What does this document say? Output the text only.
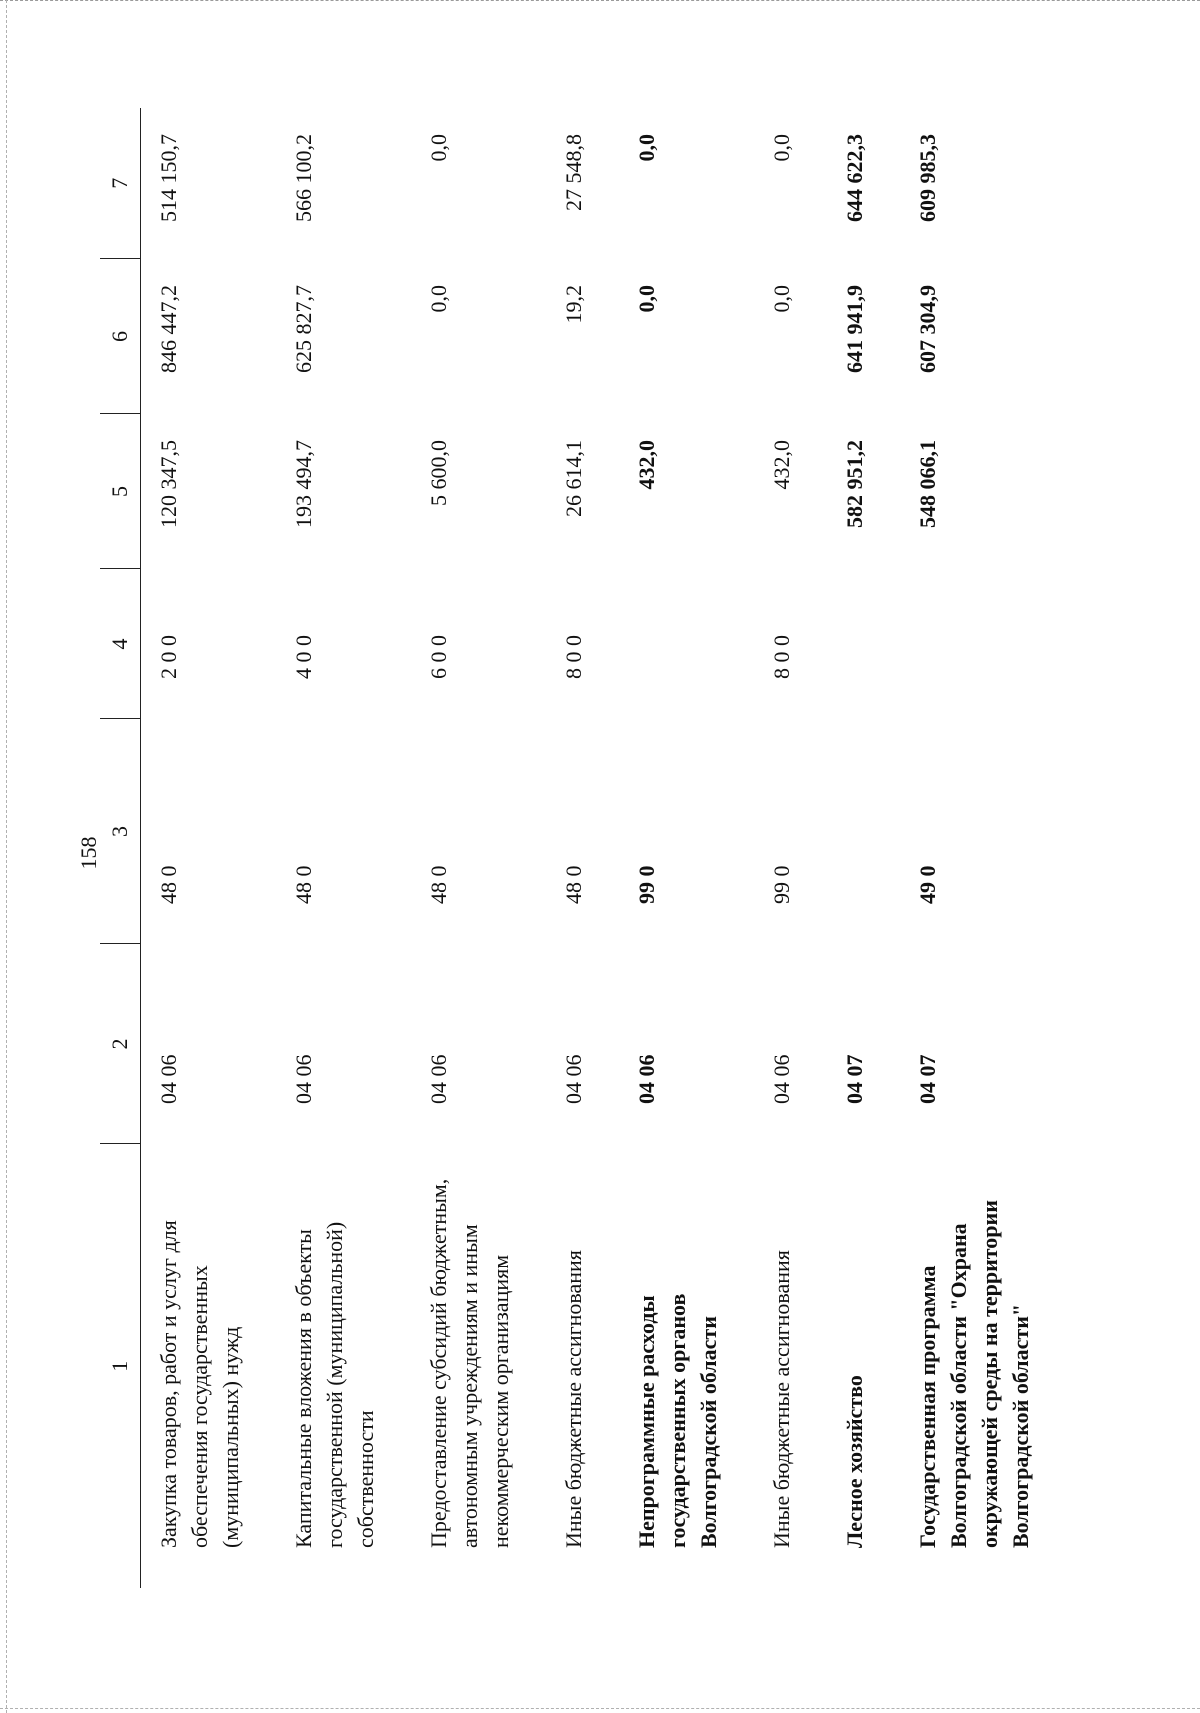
158
1	2	3	4	5	6	7
Закупка товаров, работ и услуг для обеспечения государственных (муниципальных) нужд	04 06	48 0	2 0 0	120 347,5	846 447,2	514 150,7
Капитальные вложения в объекты государственной (муниципальной) собственности	04 06	48 0	4 0 0	193 494,7	625 827,7	566 100,2
Предоставление субсидий бюджетным, автономным учреждениям и иным некоммерческим организациям	04 06	48 0	6 0 0	5 600,0	0,0	0,0
Иные бюджетные ассигнования	04 06	48 0	8 0 0	26 614,1	19,2	27 548,8
Непрограммные расходы государственных органов Волгоградской области	04 06	99 0		432,0	0,0	0,0
Иные бюджетные ассигнования	04 06	99 0	8 0 0	432,0	0,0	0,0
Лесное хозяйство	04 07			582 951,2	641 941,9	644 622,3
Государственная программа Волгоградской области "Охрана окружающей среды на территории Волгоградской области"	04 07	49 0		548 066,1	607 304,9	609 985,3
